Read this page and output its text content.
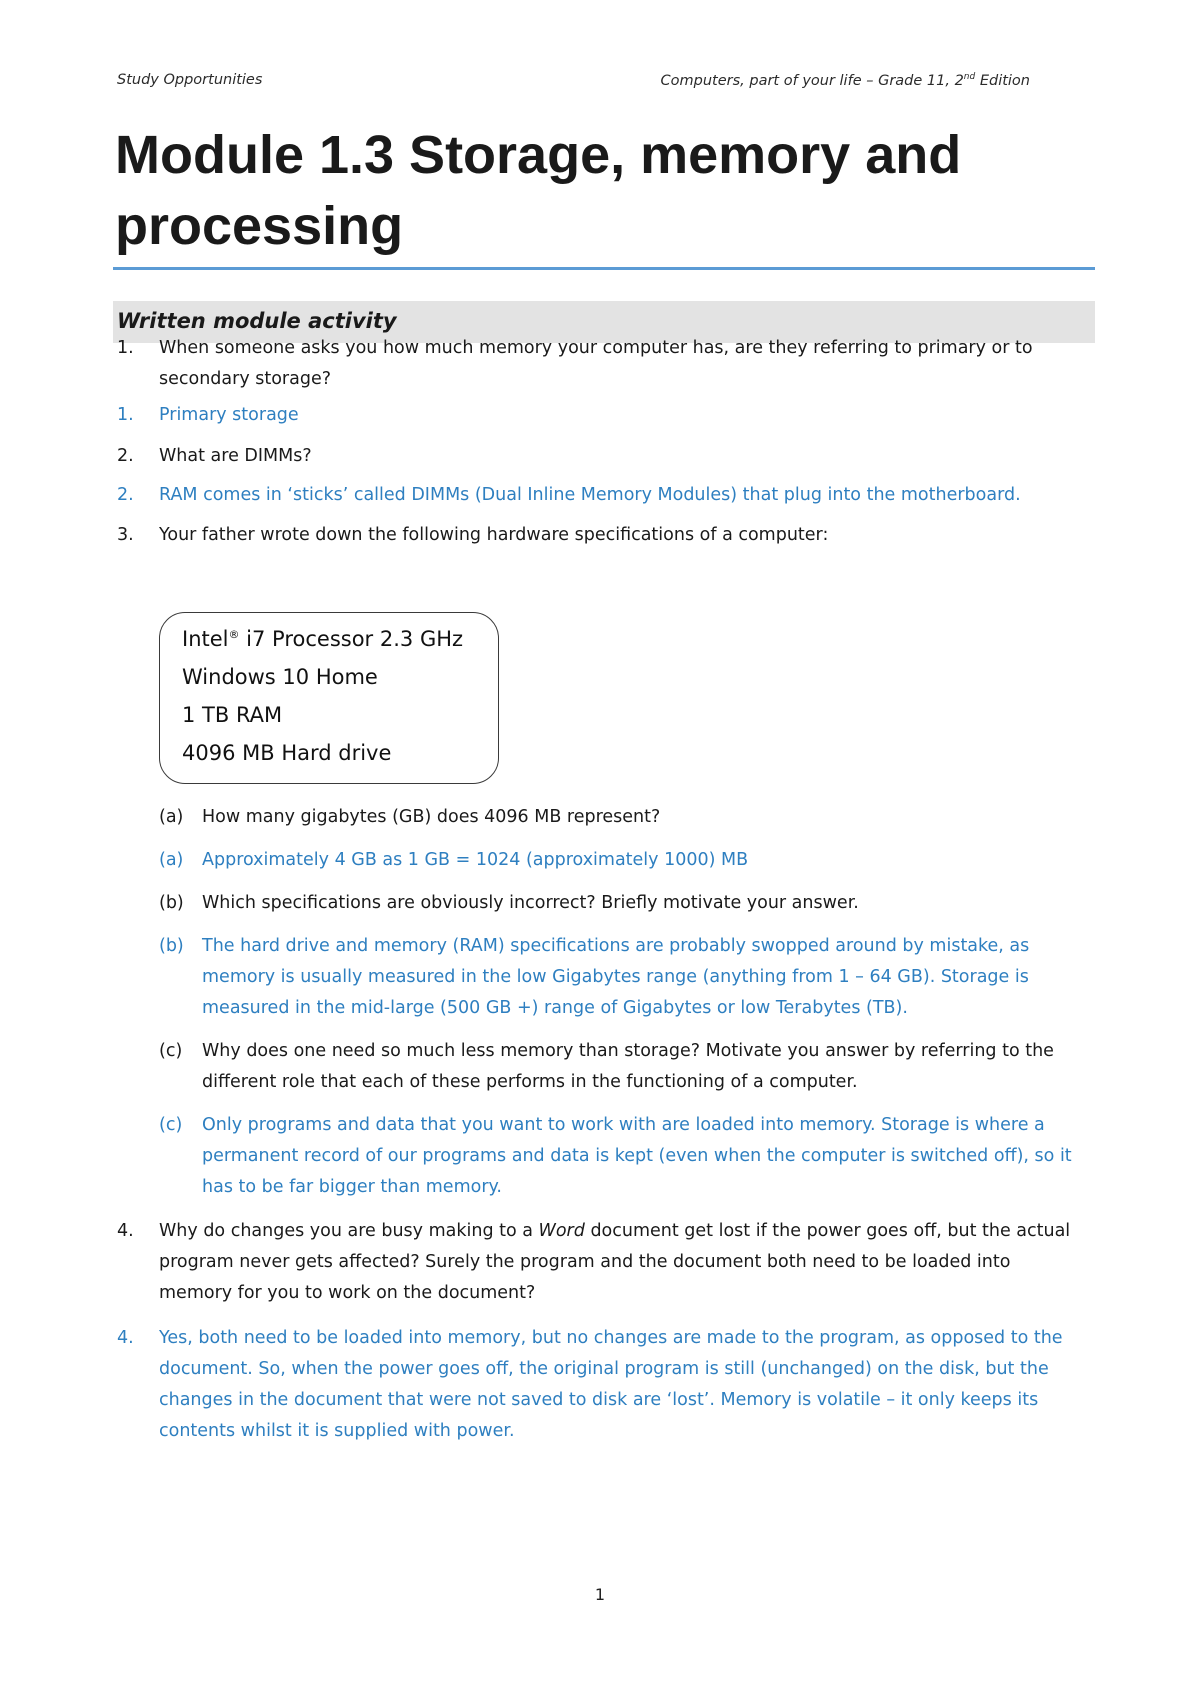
Study Opportunities	Computers, part of your life – Grade 11, 2nd Edition
Module 1.3 Storage, memory and
processing
Written module activity
1. When someone asks you how much memory your computer has, are they referring to primary or to secondary storage?
1. Primary storage
2. What are DIMMs?
2. RAM comes in ‘sticks’ called DIMMs (Dual Inline Memory Modules) that plug into the motherboard.
3. Your father wrote down the following hardware specifications of a computer:
Intel® i7 Processor 2.3 GHz
Windows 10 Home
1 TB RAM
4096 MB Hard drive
(a) How many gigabytes (GB) does 4096 MB represent?
(a) Approximately 4 GB as 1 GB = 1024 (approximately 1000) MB
(b) Which specifications are obviously incorrect? Briefly motivate your answer.
(b) The hard drive and memory (RAM) specifications are probably swopped around by mistake, as memory is usually measured in the low Gigabytes range (anything from 1 – 64 GB). Storage is measured in the mid-large (500 GB +) range of Gigabytes or low Terabytes (TB).
(c) Why does one need so much less memory than storage? Motivate you answer by referring to the different role that each of these performs in the functioning of a computer.
(c) Only programs and data that you want to work with are loaded into memory. Storage is where a permanent record of our programs and data is kept (even when the computer is switched off), so it has to be far bigger than memory.
4. Why do changes you are busy making to a Word document get lost if the power goes off, but the actual program never gets affected? Surely the program and the document both need to be loaded into memory for you to work on the document?
4. Yes, both need to be loaded into memory, but no changes are made to the program, as opposed to the document. So, when the power goes off, the original program is still (unchanged) on the disk, but the changes in the document that were not saved to disk are ‘lost’. Memory is volatile – it only keeps its contents whilst it is supplied with power.
1
